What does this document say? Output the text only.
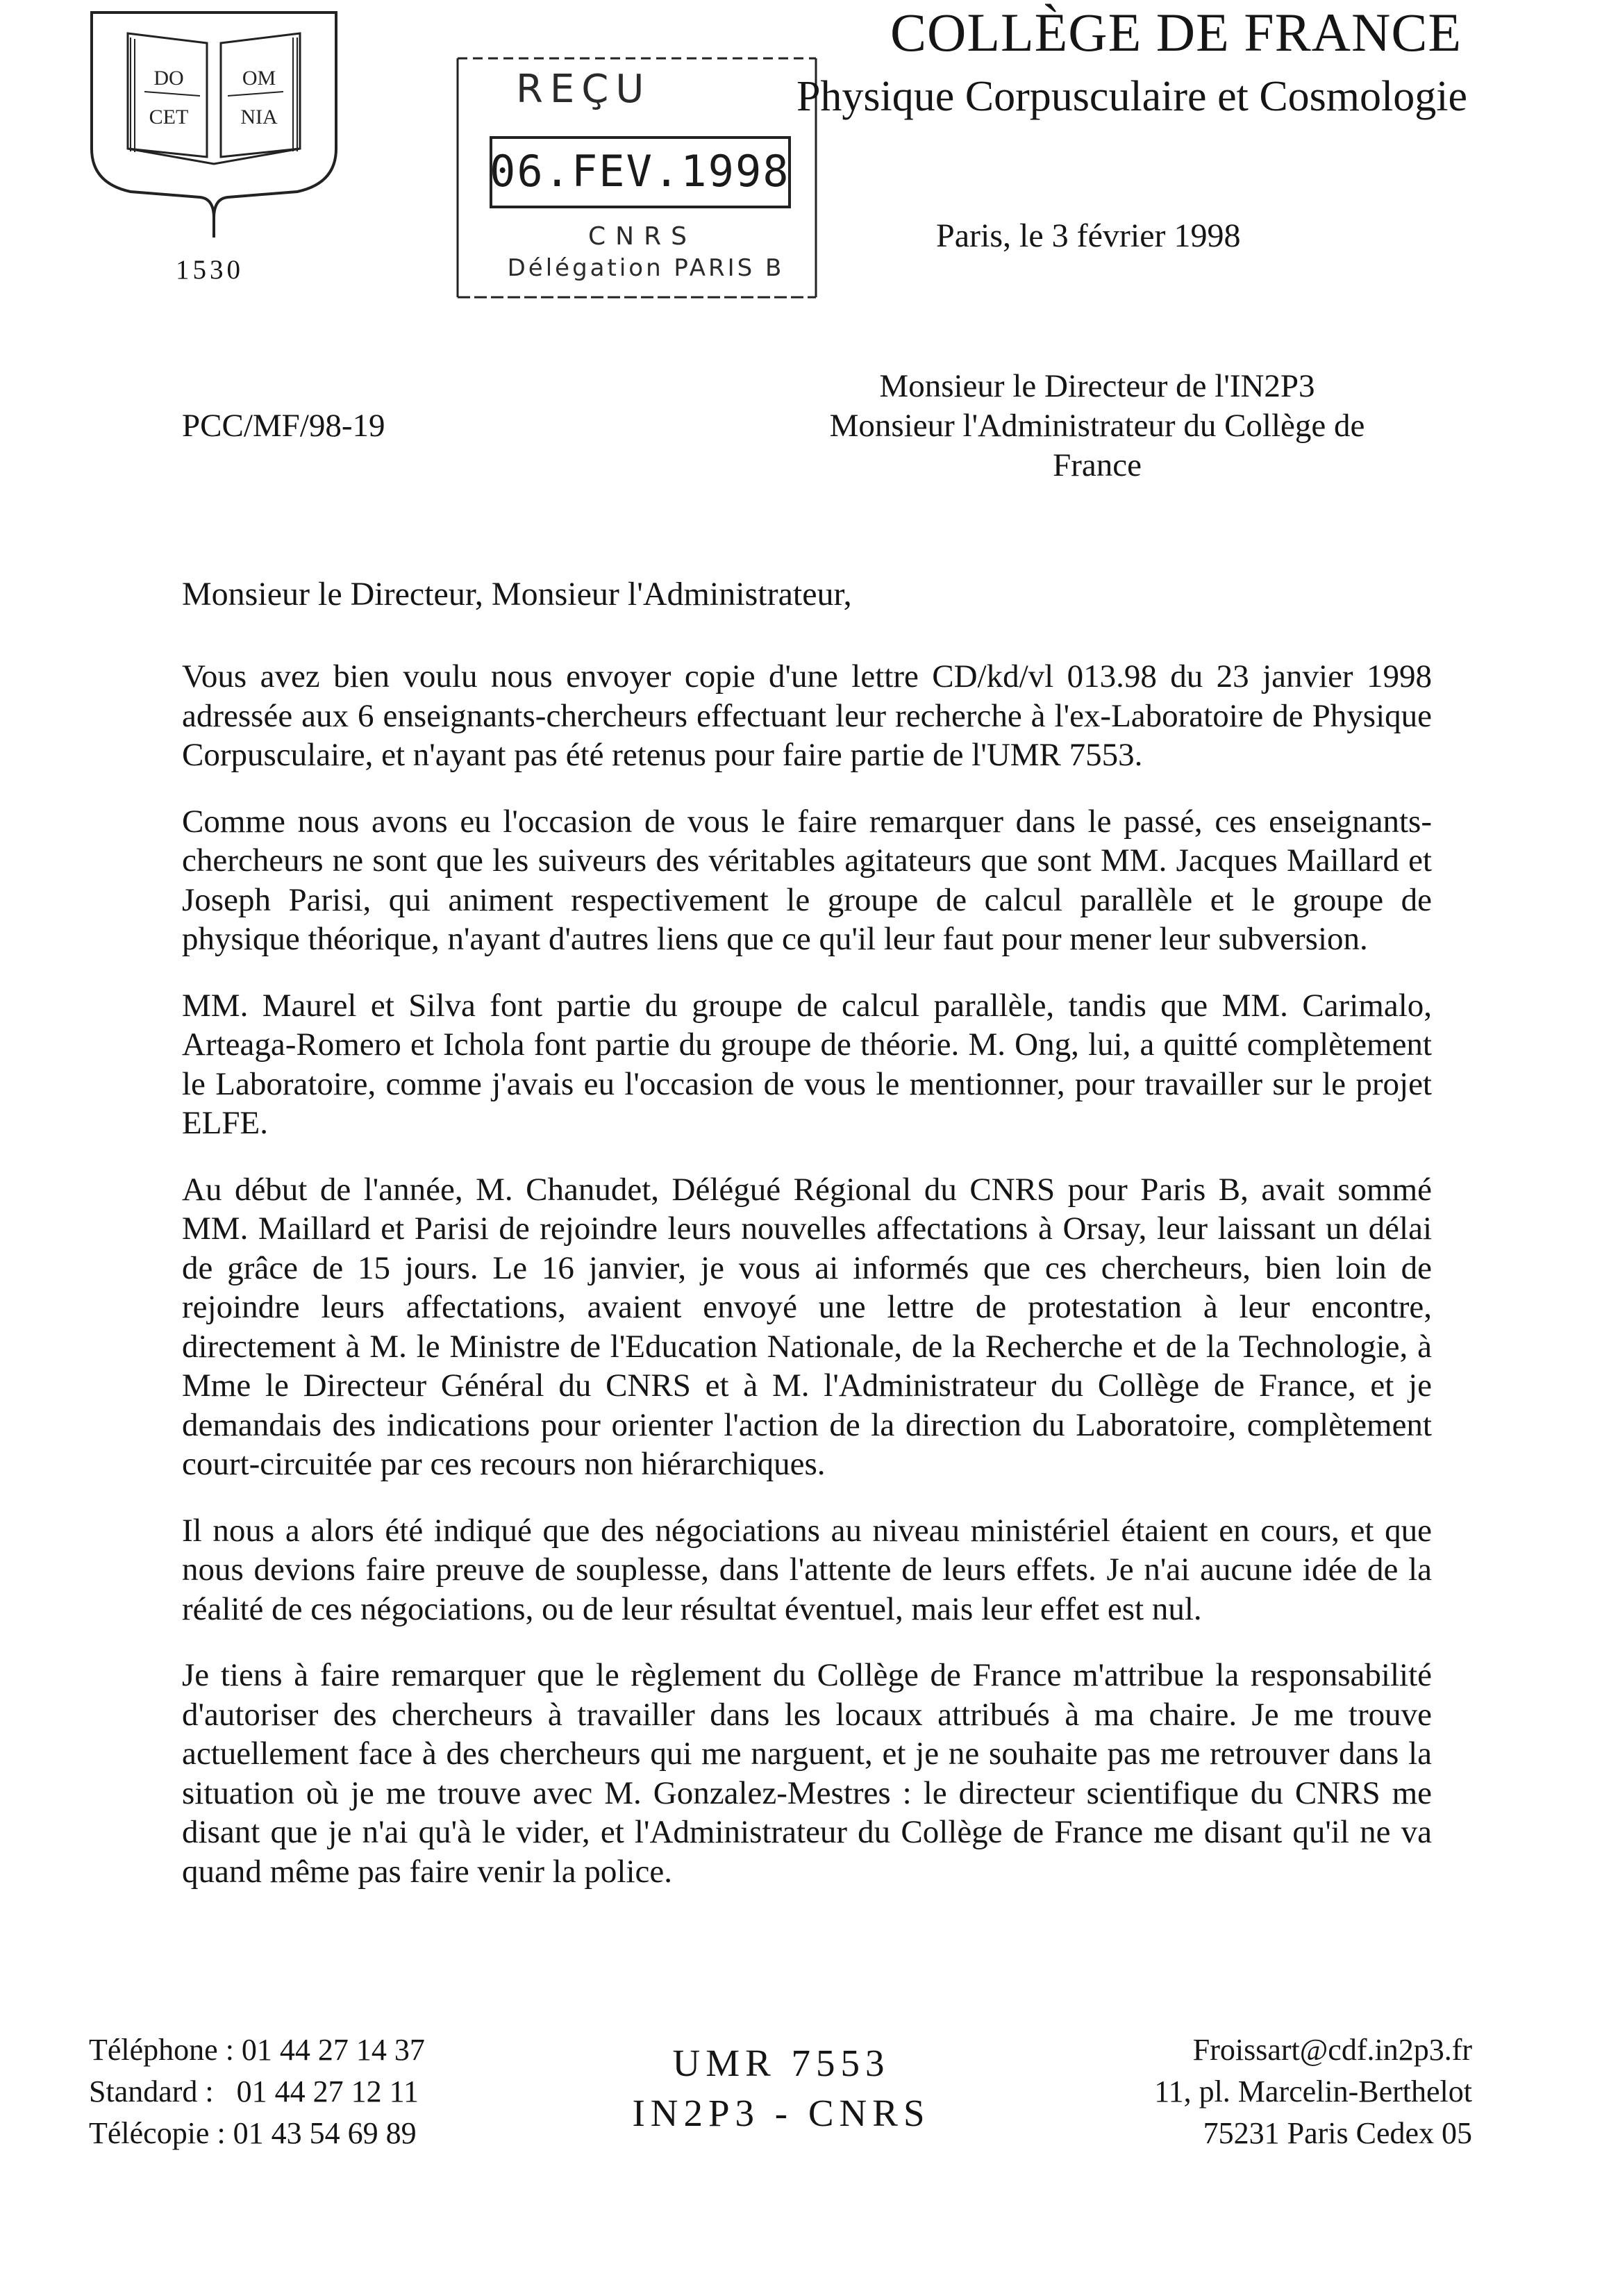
DO
CET
OM
NIA
1530
COLLÈGE DE FRANCE
REÇU
06.FEV.1998
CNRS
Délégation PARIS B
Physique Corpusculaire et Cosmologie
Paris, le 3 février 1998
PCC/MF/98-19
Monsieur le Directeur de l'IN2P3
Monsieur l'Administrateur du Collège de
France
Monsieur le Directeur, Monsieur l'Administrateur,

Vous avez bien voulu nous envoyer copie d'une lettre CD/kd/vl 013.98 du 23 janvier 1998 adressée aux 6 enseignants-chercheurs effectuant leur recherche à l'ex-Laboratoire de Physique Corpusculaire, et n'ayant pas été retenus pour faire partie de l'UMR 7553.

Comme nous avons eu l'occasion de vous le faire remarquer dans le passé, ces enseignants-chercheurs ne sont que les suiveurs des véritables agitateurs que sont MM. Jacques Maillard et Joseph Parisi, qui animent respectivement le groupe de calcul parallèle et le groupe de physique théorique, n'ayant d'autres liens que ce qu'il leur faut pour mener leur subversion.

MM. Maurel et Silva font partie du groupe de calcul parallèle, tandis que MM. Carimalo, Arteaga-Romero et Ichola font partie du groupe de théorie. M. Ong, lui, a quitté complètement le Laboratoire, comme j'avais eu l'occasion de vous le mentionner, pour travailler sur le projet ELFE.

Au début de l'année, M. Chanudet, Délégué Régional du CNRS pour Paris B, avait sommé MM. Maillard et Parisi de rejoindre leurs nouvelles affectations à Orsay, leur laissant un délai de grâce de 15 jours. Le 16 janvier, je vous ai informés que ces chercheurs, bien loin de rejoindre leurs affectations, avaient envoyé une lettre de protestation à leur encontre, directement à M. le Ministre de l'Education Nationale, de la Recherche et de la Technologie, à Mme le Directeur Général du CNRS et à M. l'Administrateur du Collège de France, et je demandais des indications pour orienter l'action de la direction du Laboratoire, complètement court-circuitée par ces recours non hiérarchiques.

Il nous a alors été indiqué que des négociations au niveau ministériel étaient en cours, et que nous devions faire preuve de souplesse, dans l'attente de leurs effets. Je n'ai aucune idée de la réalité de ces négociations, ou de leur résultat éventuel, mais leur effet est nul.

Je tiens à faire remarquer que le règlement du Collège de France m'attribue la responsabilité d'autoriser des chercheurs à travailler dans les locaux attribués à ma chaire. Je me trouve actuellement face à des chercheurs qui me narguent, et je ne souhaite pas me retrouver dans la situation où je me trouve avec M. Gonzalez-Mestres : le directeur scientifique du CNRS me disant que je n'ai qu'à le vider, et l'Administrateur du Collège de France me disant qu'il ne va quand même pas faire venir la police.

Téléphone : 01 44 27 14 37
Standard :   01 44 27 12 11
Télécopie : 01 43 54 69 89
UMR 7553
IN2P3 - CNRS
Froissart@cdf.in2p3.fr
11, pl. Marcelin-Berthelot
75231 Paris Cedex 05
